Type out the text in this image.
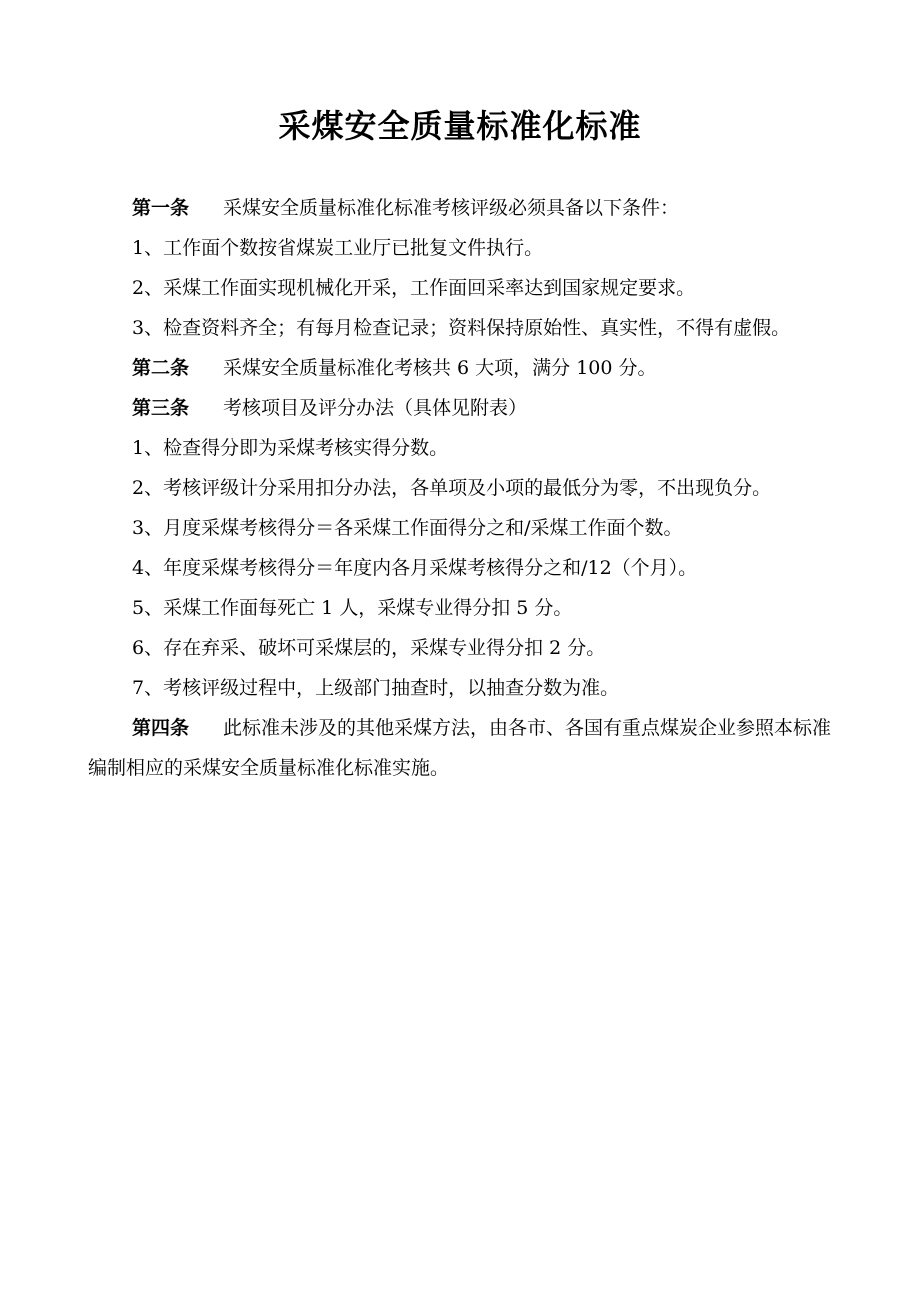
采煤安全质量标准化标准

第一条 采煤安全质量标准化标准考核评级必须具备以下条件：

1、工作面个数按省煤炭工业厅已批复文件执行。

2、采煤工作面实现机械化开采，工作面回采率达到国家规定要求。

3、检查资料齐全；有每月检查记录；资料保持原始性、真实性，不得有虚假。

第二条 采煤安全质量标准化考核共 6 大项，满分 100 分。

第三条 考核项目及评分办法（具体见附表）

1、检查得分即为采煤考核实得分数。

2、考核评级计分采用扣分办法，各单项及小项的最低分为零，不出现负分。

3、月度采煤考核得分＝各采煤工作面得分之和/采煤工作面个数。

4、年度采煤考核得分＝年度内各月采煤考核得分之和/12（个月）。

5、采煤工作面每死亡 1 人，采煤专业得分扣 5 分。

6、存在弃采、破坏可采煤层的，采煤专业得分扣 2 分。

7、考核评级过程中，上级部门抽查时，以抽查分数为准。

第四条 此标准未涉及的其他采煤方法，由各市、各国有重点煤炭企业参照本标准编制相应的采煤安全质量标准化标准实施。
